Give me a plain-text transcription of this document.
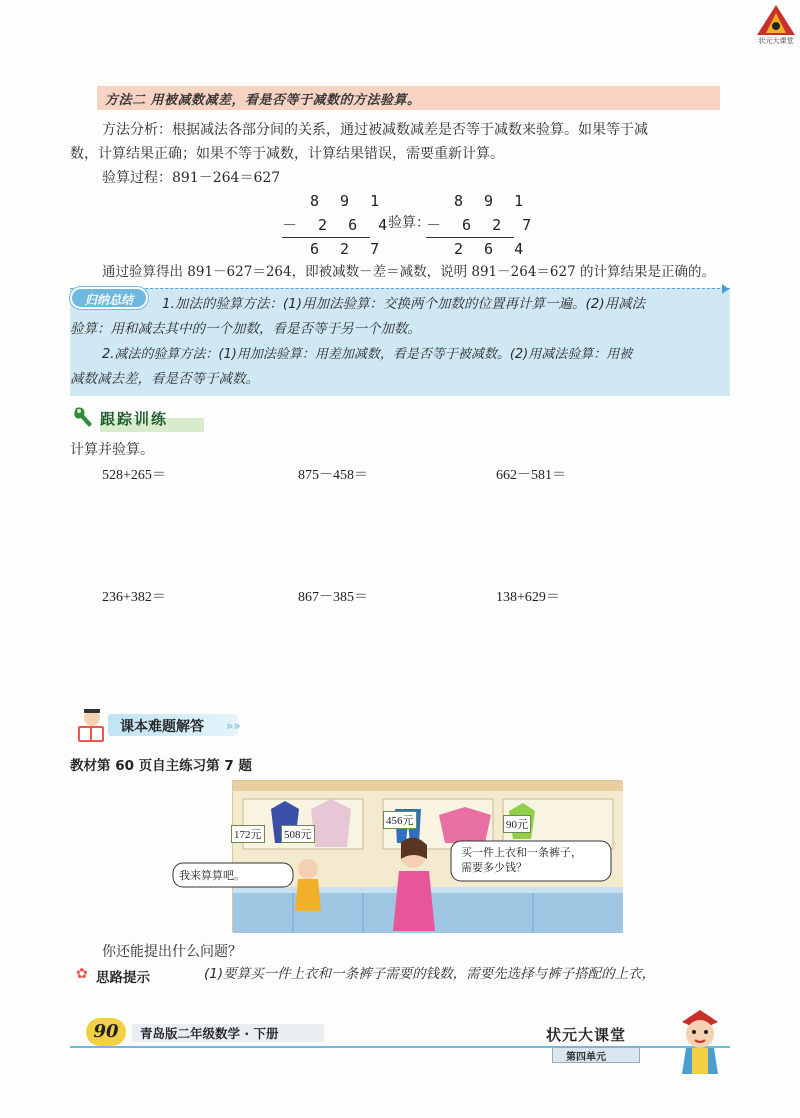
状元大课堂
方法二 用被减数减差，看是否等于减数的方法验算。
方法分析：根据减法各部分间的关系，通过被减数减差是否等于减数来验算。如果等于减
数，计算结果正确；如果不等于减数，计算结果错误，需要重新计算。
验算过程：891－264＝627
8 9 1
－ 2 6 4
6 2 7
验算：
8 9 1
－ 6 2 7
2 6 4
通过验算得出 891－627＝264，即被减数－差＝减数，说明 891－264＝627 的计算结果是正确的。
归纳总结	1.加法的验算方法：(1)用加法验算：交换两个加数的位置再计算一遍。(2)用减法
验算：用和减去其中的一个加数，看是否等于另一个加数。
2.减法的验算方法：(1)用加法验算：用差加减数，看是否等于被减数。(2)用减法验算：用被
减数减去差，看是否等于减数。
跟踪训练
计算并验算。
528+265＝	875－458＝	662－581＝
236+382＝	867－385＝	138+629＝
课本难题解答 »»
教材第 60 页自主练习第 7 题
172元 508元
456元	90元
我来算算吧。
买一件上衣和一条裤子，
需要多少钱？
你还能提出什么问题？
✿ 思路提示	(1)要算买一件上衣和一条裤子需要的钱数，需要先选择与裤子搭配的上衣，
90	青岛版二年级数学 · 下册	状元大课堂
第四单元
